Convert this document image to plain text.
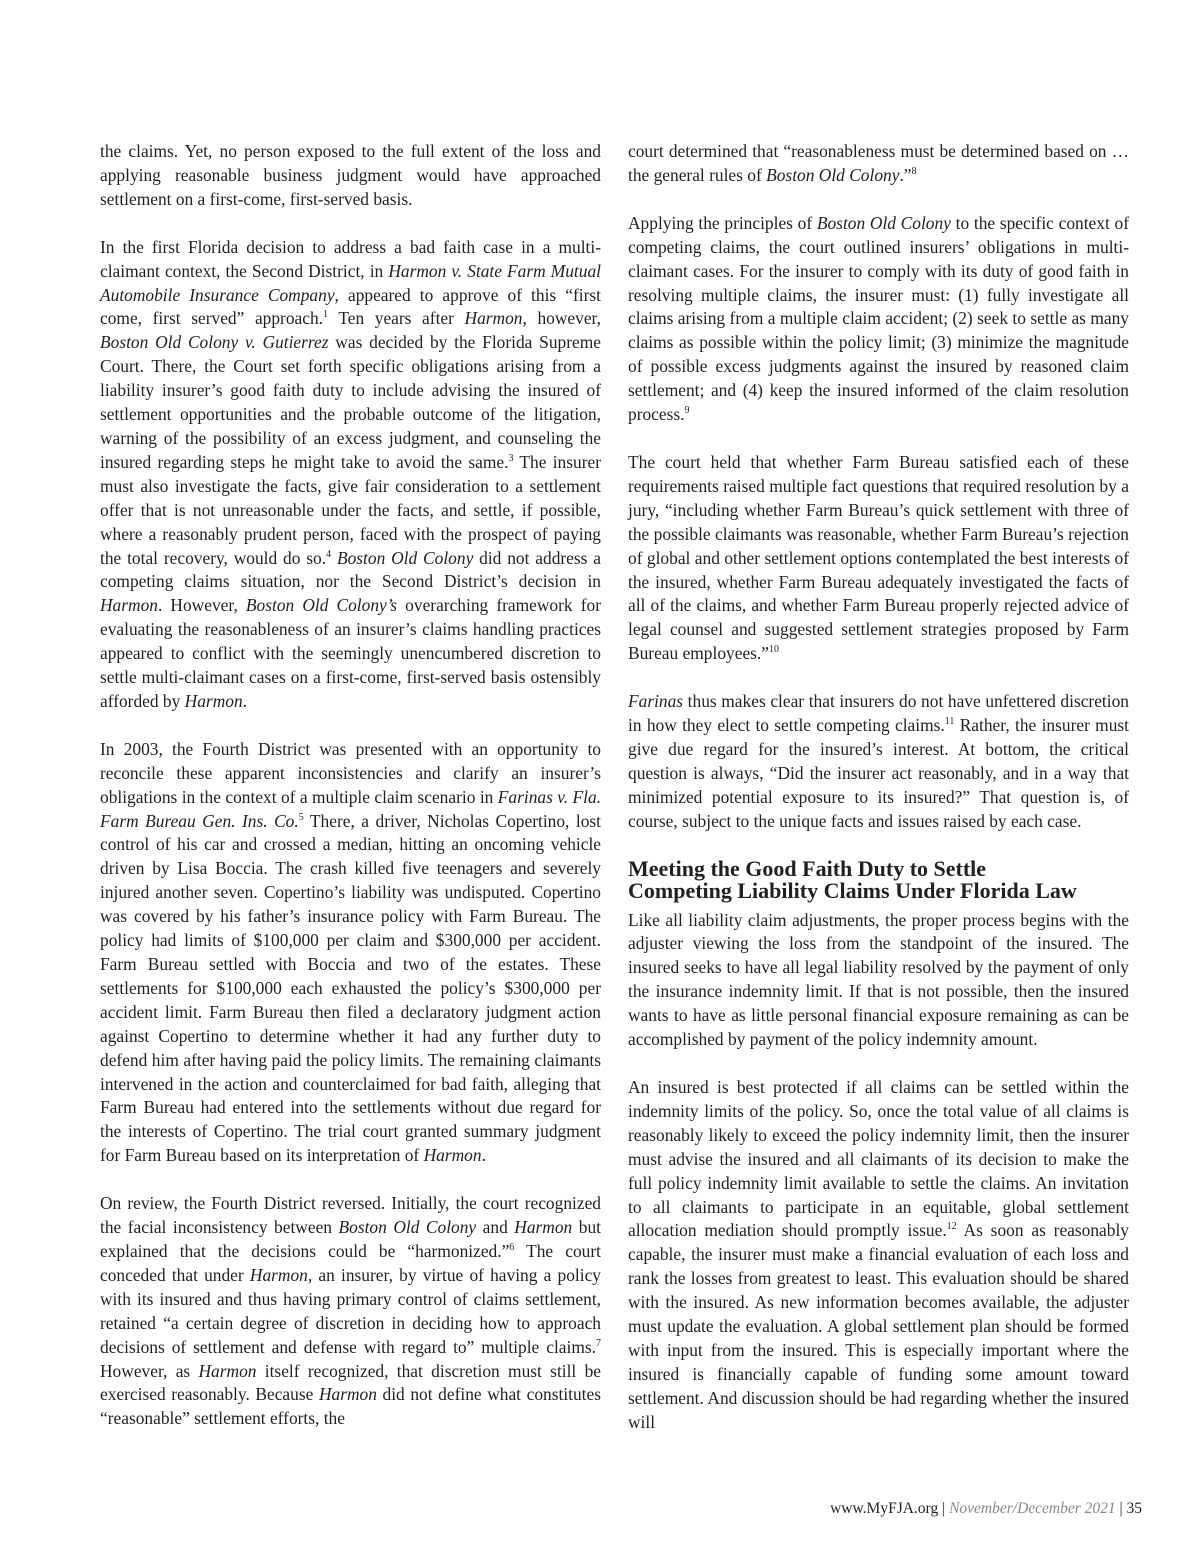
the claims. Yet, no person exposed to the full extent of the loss and applying reasonable business judgment would have approached settlement on a first-come, first-served basis.

In the first Florida decision to address a bad faith case in a multi-claimant context, the Second District, in Harmon v. State Farm Mutual Automobile Insurance Company, appeared to approve of this “first come, first served” approach.$^1$ Ten years after Harmon, however, Boston Old Colony v. Gutierrez was decided by the Florida Supreme Court. There, the Court set forth specific obligations arising from a liability insurer’s good faith duty to include advising the insured of settlement opportunities and the probable outcome of the litigation, warning of the possibility of an excess judgment, and counseling the insured regarding steps he might take to avoid the same.$^3$ The insurer must also investigate the facts, give fair consideration to a settlement offer that is not unreasonable under the facts, and settle, if possible, where a reasonably prudent person, faced with the prospect of paying the total recovery, would do so.$^4$ Boston Old Colony did not address a competing claims situation, nor the Second District’s decision in Harmon. However, Boston Old Colony’s overarching framework for evaluating the reasonableness of an insurer’s claims handling practices appeared to conflict with the seemingly unencumbered discretion to settle multi-claimant cases on a first-come, first-served basis ostensibly afforded by Harmon.

In 2003, the Fourth District was presented with an opportunity to reconcile these apparent inconsistencies and clarify an insurer’s obligations in the context of a multiple claim scenario in Farinas v. Fla. Farm Bureau Gen. Ins. Co.$^5$ There, a driver, Nicholas Copertino, lost control of his car and crossed a median, hitting an oncoming vehicle driven by Lisa Boccia. The crash killed five teenagers and severely injured another seven. Copertino’s liability was undisputed. Copertino was covered by his father’s insurance policy with Farm Bureau. The policy had limits of $100,000 per claim and $300,000 per accident. Farm Bureau settled with Boccia and two of the estates. These settlements for $100,000 each exhausted the policy’s $300,000 per accident limit. Farm Bureau then filed a declaratory judgment action against Copertino to determine whether it had any further duty to defend him after having paid the policy limits. The remaining claimants intervened in the action and counterclaimed for bad faith, alleging that Farm Bureau had entered into the settlements without due regard for the interests of Copertino. The trial court granted summary judgment for Farm Bureau based on its interpretation of Harmon.

On review, the Fourth District reversed. Initially, the court recognized the facial inconsistency between Boston Old Colony and Harmon but explained that the decisions could be “harmonized.”$^6$ The court conceded that under Harmon, an insurer, by virtue of having a policy with its insured and thus having primary control of claims settlement, retained “a certain degree of discretion in deciding how to approach decisions of settlement and defense with regard to” multiple claims.$^7$ However, as Harmon itself recognized, that discretion must still be exercised reasonably. Because Harmon did not define what constitutes “reasonable” settlement efforts, the

court determined that “reasonableness must be determined based on … the general rules of Boston Old Colony.”$^8$

Applying the principles of Boston Old Colony to the specific context of competing claims, the court outlined insurers’ obligations in multi-claimant cases. For the insurer to comply with its duty of good faith in resolving multiple claims, the insurer must: (1) fully investigate all claims arising from a multiple claim accident; (2) seek to settle as many claims as possible within the policy limit; (3) minimize the magnitude of possible excess judgments against the insured by reasoned claim settlement; and (4) keep the insured informed of the claim resolution process.$^9$

The court held that whether Farm Bureau satisfied each of these requirements raised multiple fact questions that required resolution by a jury, “including whether Farm Bureau’s quick settlement with three of the possible claimants was reasonable, whether Farm Bureau’s rejection of global and other settlement options contemplated the best interests of the insured, whether Farm Bureau adequately investigated the facts of all of the claims, and whether Farm Bureau properly rejected advice of legal counsel and suggested settlement strategies proposed by Farm Bureau employees.”$^{10}$

Farinas thus makes clear that insurers do not have unfettered discretion in how they elect to settle competing claims.$^{11}$ Rather, the insurer must give due regard for the insured’s interest. At bottom, the critical question is always, “Did the insurer act reasonably, and in a way that minimized potential exposure to its insured?” That question is, of course, subject to the unique facts and issues raised by each case.

Meeting the Good Faith Duty to Settle
Competing Liability Claims Under Florida Law

Like all liability claim adjustments, the proper process begins with the adjuster viewing the loss from the standpoint of the insured. The insured seeks to have all legal liability resolved by the payment of only the insurance indemnity limit. If that is not possible, then the insured wants to have as little personal financial exposure remaining as can be accomplished by payment of the policy indemnity amount.

An insured is best protected if all claims can be settled within the indemnity limits of the policy. So, once the total value of all claims is reasonably likely to exceed the policy indemnity limit, then the insurer must advise the insured and all claimants of its decision to make the full policy indemnity limit available to settle the claims. An invitation to all claimants to participate in an equitable, global settlement allocation mediation should promptly issue.$^{12}$ As soon as reasonably capable, the insurer must make a financial evaluation of each loss and rank the losses from greatest to least. This evaluation should be shared with the insured. As new information becomes available, the adjuster must update the evaluation. A global settlement plan should be formed with input from the insured. This is especially important where the insured is financially capable of funding some amount toward settlement. And discussion should be had regarding whether the insured will

www.MyFJA.org | November/December 2021 | 35
